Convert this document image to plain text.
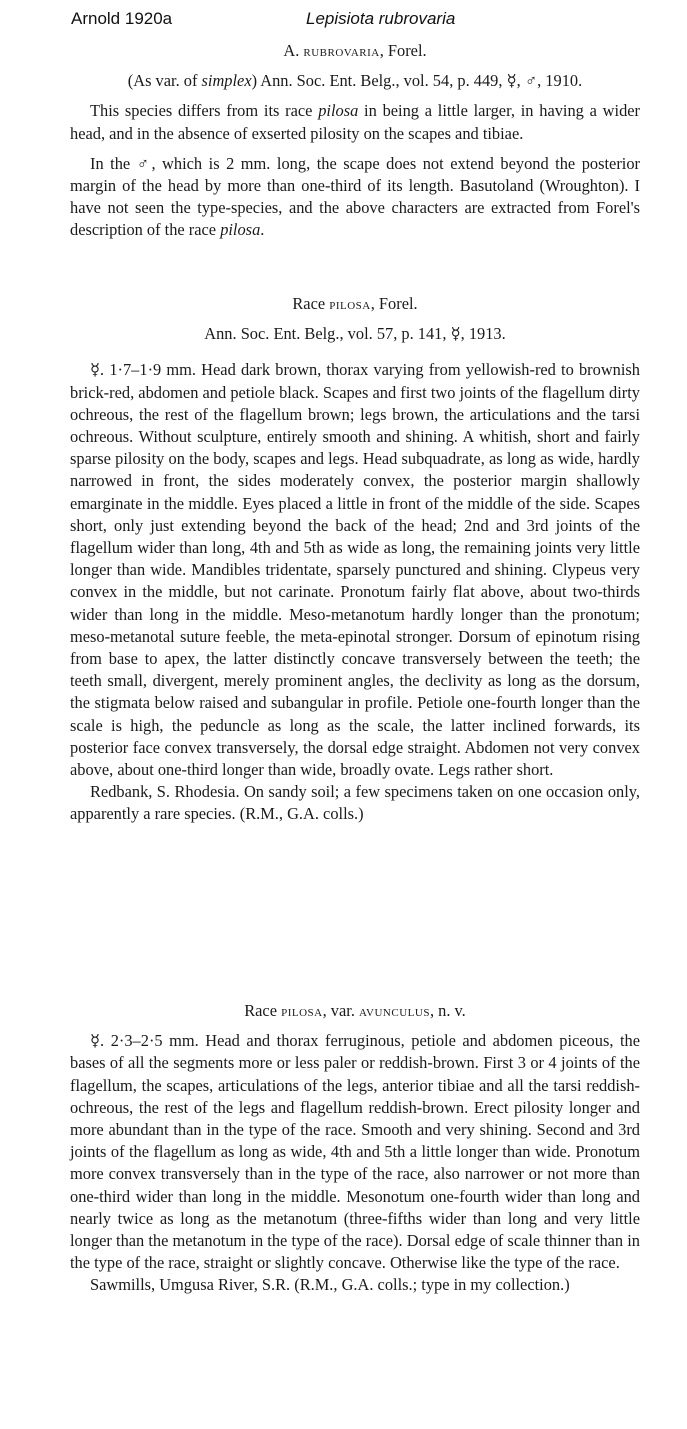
Arnold 1920a	Lepisiota rubrovaria

A. rubrovaria, Forel.

(As var. of simplex) Ann. Soc. Ent. Belg., vol. 54, p. 449, ☿, ♂, 1910.

This species differs from its race pilosa in being a little larger, in having a wider head, and in the absence of exserted pilosity on the scapes and tibiae.

In the ♂, which is 2 mm. long, the scape does not extend beyond the posterior margin of the head by more than one-third of its length. Basutoland (Wroughton). I have not seen the type-species, and the above characters are extracted from Forel's description of the race pilosa.

Race pilosa, Forel.

Ann. Soc. Ent. Belg., vol. 57, p. 141, ☿, 1913.

☿. 1·7–1·9 mm. Head dark brown, thorax varying from yellowish-red to brownish brick-red, abdomen and petiole black. Scapes and first two joints of the flagellum dirty ochreous, the rest of the flagellum brown; legs brown, the articulations and the tarsi ochreous. Without sculpture, entirely smooth and shining. A whitish, short and fairly sparse pilosity on the body, scapes and legs. Head subquadrate, as long as wide, hardly narrowed in front, the sides moderately convex, the posterior margin shallowly emarginate in the middle. Eyes placed a little in front of the middle of the side. Scapes short, only just extending beyond the back of the head; 2nd and 3rd joints of the flagellum wider than long, 4th and 5th as wide as long, the remaining joints very little longer than wide. Mandibles tridentate, sparsely punctured and shining. Clypeus very convex in the middle, but not carinate. Pronotum fairly flat above, about two-thirds wider than long in the middle. Meso-metanotum hardly longer than the pronotum; meso-metanotal suture feeble, the meta-epinotal stronger. Dorsum of epinotum rising from base to apex, the latter distinctly concave transversely between the teeth; the teeth small, divergent, merely prominent angles, the declivity as long as the dorsum, the stigmata below raised and subangular in profile. Petiole one-fourth longer than the scale is high, the peduncle as long as the scale, the latter inclined forwards, its posterior face convex transversely, the dorsal edge straight. Abdomen not very convex above, about one-third longer than wide, broadly ovate. Legs rather short.

Redbank, S. Rhodesia. On sandy soil; a few specimens taken on one occasion only, apparently a rare species. (R.M., G.A. colls.)

Race pilosa, var. avunculus, n. v.

☿. 2·3–2·5 mm. Head and thorax ferruginous, petiole and abdomen piceous, the bases of all the segments more or less paler or reddish-brown. First 3 or 4 joints of the flagellum, the scapes, articulations of the legs, anterior tibiae and all the tarsi reddish-ochreous, the rest of the legs and flagellum reddish-brown. Erect pilosity longer and more abundant than in the type of the race. Smooth and very shining. Second and 3rd joints of the flagellum as long as wide, 4th and 5th a little longer than wide. Pronotum more convex transversely than in the type of the race, also narrower or not more than one-third wider than long in the middle. Mesonotum one-fourth wider than long and nearly twice as long as the metanotum (three-fifths wider than long and very little longer than the metanotum in the type of the race). Dorsal edge of scale thinner than in the type of the race, straight or slightly concave. Otherwise like the type of the race.

Sawmills, Umgusa River, S.R. (R.M., G.A. colls.; type in my collection.)
